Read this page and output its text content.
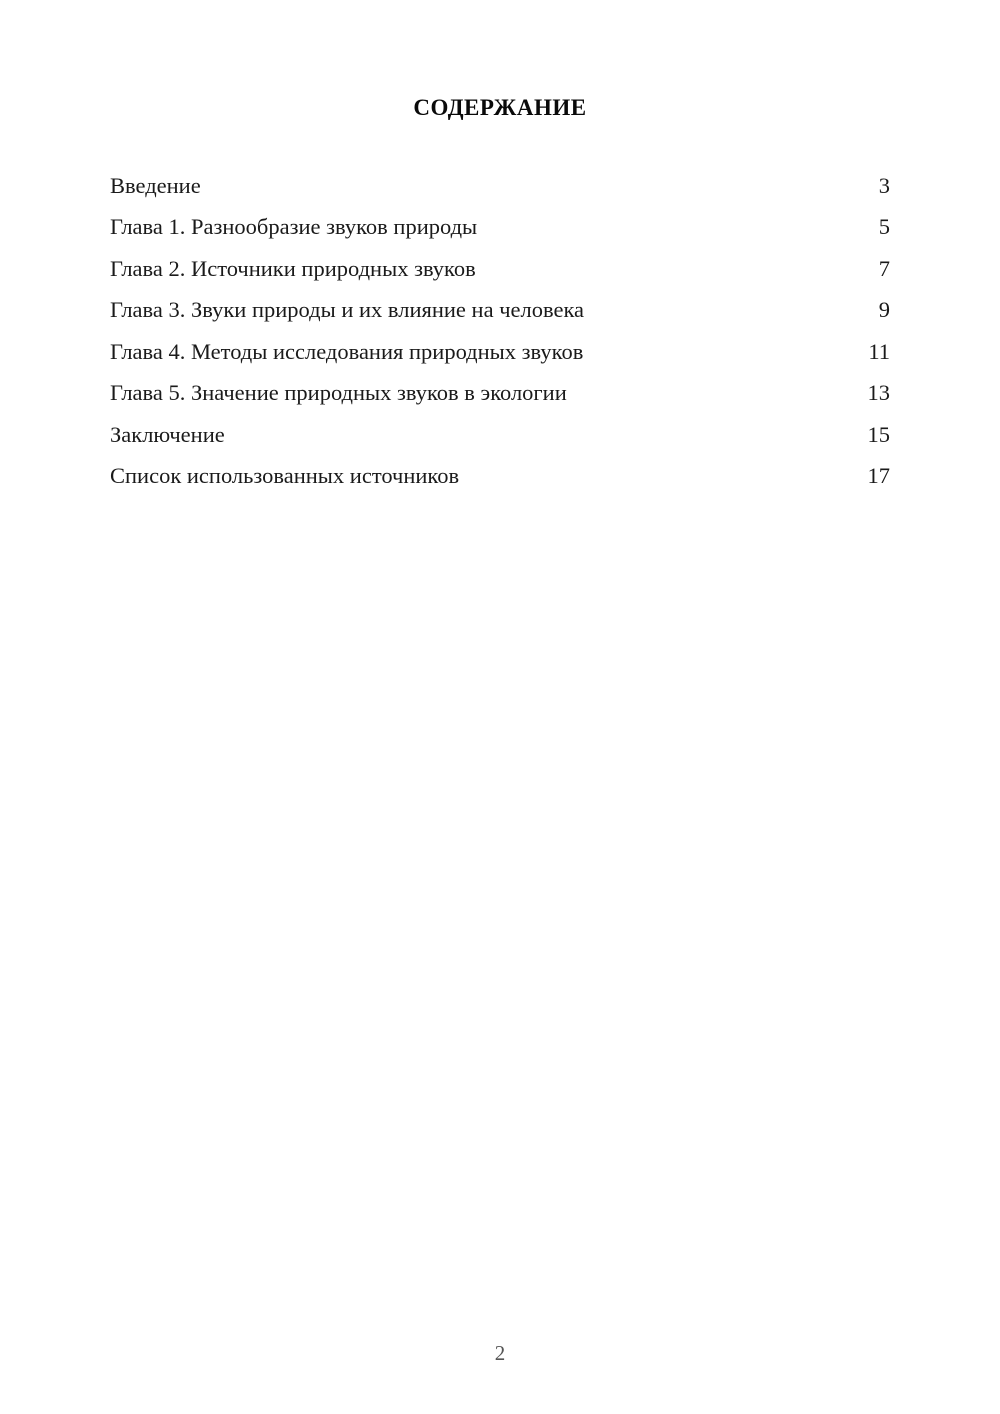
СОДЕРЖАНИЕ
Введение	3
Глава 1. Разнообразие звуков природы	5
Глава 2. Источники природных звуков	7
Глава 3. Звуки природы и их влияние на человека	9
Глава 4. Методы исследования природных звуков	11
Глава 5. Значение природных звуков в экологии	13
Заключение	15
Список использованных источников	17
2
